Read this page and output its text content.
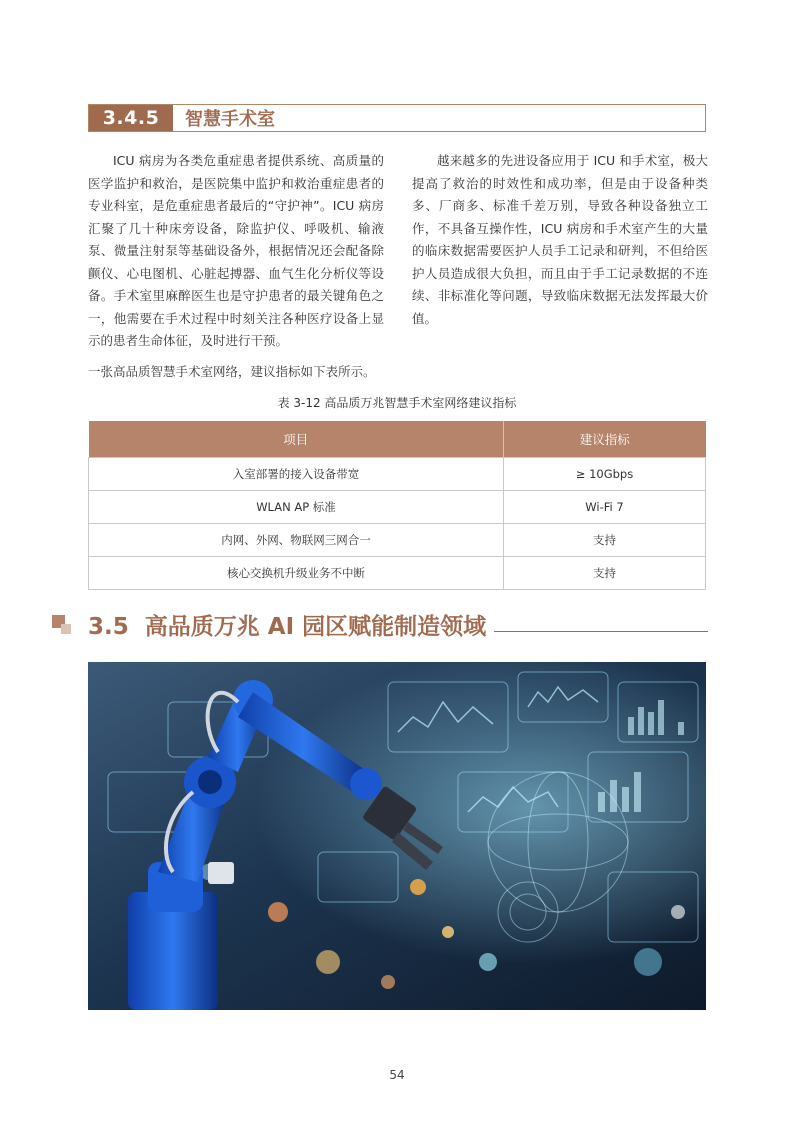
3.4.5	智慧手术室

ICU 病房为各类危重症患者提供系统、高质量的医学监护和救治，是医院集中监护和救治重症患者的专业科室，是危重症患者最后的“守护神”。ICU 病房汇聚了几十种床旁设备，除监护仪、呼吸机、输液泵、微量注射泵等基础设备外，根据情况还会配备除颤仪、心电图机、心脏起搏器、血气生化分析仪等设备。手术室里麻醉医生也是守护患者的最关键角色之一，他需要在手术过程中时刻关注各种医疗设备上显示的患者生命体征，及时进行干预。

越来越多的先进设备应用于 ICU 和手术室，极大提高了救治的时效性和成功率，但是由于设备种类多、厂商多、标准千差万别，导致各种设备独立工作，不具备互操作性，ICU 病房和手术室产生的大量的临床数据需要医护人员手工记录和研判，不但给医护人员造成很大负担，而且由于手工记录数据的不连续、非标准化等问题，导致临床数据无法发挥最大价值。

一张高品质智慧手术室网络，建议指标如下表所示。
表 3-12 高品质万兆智慧手术室网络建议指标
项目	建议指标
入室部署的接入设备带宽	≥ 10Gbps
WLAN AP 标准	Wi-Fi 7
内网、外网、物联网三网合一	支持
核心交换机升级业务不中断	支持
3.5 高品质万兆 AI 园区赋能制造领域
54
